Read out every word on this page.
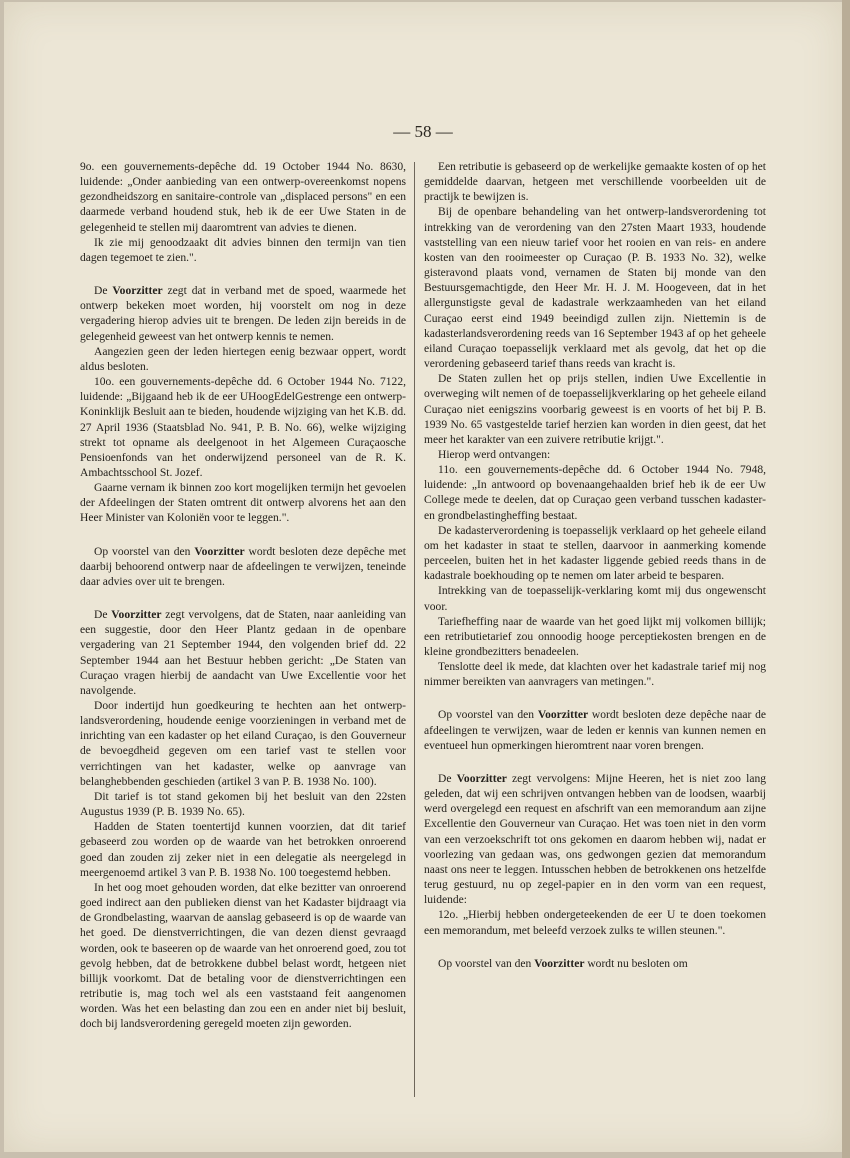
— 58 —

9o. een gouvernements-depêche dd. 19 October 1944 No. 8630, luidende: „Onder aanbieding van een ontwerp-overeenkomst nopens gezondheidszorg en sanitaire-controle van „displaced persons" en een daarmede verband houdend stuk, heb ik de eer Uwe Staten in de gelegenheid te stellen mij daaromtrent van advies te dienen.

Ik zie mij genoodzaakt dit advies binnen den termijn van tien dagen tegemoet te zien.".

De Voorzitter zegt dat in verband met de spoed, waarmede het ontwerp bekeken moet worden, hij voorstelt om nog in deze vergadering hierop advies uit te brengen. De leden zijn bereids in de gelegenheid geweest van het ontwerp kennis te nemen.

Aangezien geen der leden hiertegen eenig bezwaar oppert, wordt aldus besloten.

10o. een gouvernements-depêche dd. 6 October 1944 No. 7122, luidende: „Bijgaand heb ik de eer UHoogEdelGestrenge een ontwerp-Koninklijk Besluit aan te bieden, houdende wijziging van het K.B. dd. 27 April 1936 (Staatsblad No. 941, P. B. No. 66), welke wijziging strekt tot opname als deelgenoot in het Algemeen Curaçaosche Pensioenfonds van het onderwijzend personeel van de R. K. Ambachtsschool St. Jozef.

Gaarne vernam ik binnen zoo kort mogelijken termijn het gevoelen der Afdeelingen der Staten omtrent dit ontwerp alvorens het aan den Heer Minister van Koloniën voor te leggen.".

Op voorstel van den Voorzitter wordt besloten deze depêche met daarbij behoorend ontwerp naar de afdeelingen te verwijzen, teneinde daar advies over uit te brengen.

De Voorzitter zegt vervolgens, dat de Staten, naar aanleiding van een suggestie, door den Heer Plantz gedaan in de openbare vergadering van 21 September 1944, den volgenden brief dd. 22 September 1944 aan het Bestuur hebben gericht: „De Staten van Curaçao vragen hierbij de aandacht van Uwe Excellentie voor het navolgende.

Door indertijd hun goedkeuring te hechten aan het ontwerp-landsverordening, houdende eenige voorzieningen in verband met de inrichting van een kadaster op het eiland Curaçao, is den Gouverneur de bevoegdheid gegeven om een tarief vast te stellen voor verrichtingen van het kadaster, welke op aanvrage van belanghebbenden geschieden (artikel 3 van P. B. 1938 No. 100).

Dit tarief is tot stand gekomen bij het besluit van den 22sten Augustus 1939 (P. B. 1939 No. 65).

Hadden de Staten toentertijd kunnen voorzien, dat dit tarief gebaseerd zou worden op de waarde van het betrokken onroerend goed dan zouden zij zeker niet in een delegatie als neergelegd in meergenoemd artikel 3 van P. B. 1938 No. 100 toegestemd hebben.

In het oog moet gehouden worden, dat elke bezitter van onroerend goed indirect aan den publieken dienst van het Kadaster bijdraagt via de Grondbelasting, waarvan de aanslag gebaseerd is op de waarde van het goed. De dienstverrichtingen, die van dezen dienst gevraagd worden, ook te baseeren op de waarde van het onroerend goed, zou tot gevolg hebben, dat de betrokkene dubbel belast wordt, hetgeen niet billijk voorkomt. Dat de betaling voor de dienstverrichtingen een retributie is, mag toch wel als een vaststaand feit aangenomen worden. Was het een belasting dan zou een en ander niet bij besluit, doch bij landsverordening geregeld moeten zijn geworden.

Een retributie is gebaseerd op de werkelijke gemaakte kosten of op het gemiddelde daarvan, hetgeen met verschillende voorbeelden uit de practijk te bewijzen is.

Bij de openbare behandeling van het ontwerp-landsverordening tot intrekking van de verordening van den 27sten Maart 1933, houdende vaststelling van een nieuw tarief voor het rooien en van reis- en andere kosten van den rooimeester op Curaçao (P. B. 1933 No. 32), welke gisteravond plaats vond, vernamen de Staten bij monde van den Bestuursgemachtigde, den Heer Mr. H. J. M. Hoogeveen, dat in het allergunstigste geval de kadastrale werkzaamheden van het eiland Curaçao eerst eind 1949 beeindigd zullen zijn. Niettemin is de kadasterlandsverordening reeds van 16 September 1943 af op het geheele eiland Curaçao toepasselijk verklaard met als gevolg, dat het op die verordening gebaseerd tarief thans reeds van kracht is.

De Staten zullen het op prijs stellen, indien Uwe Excellentie in overweging wilt nemen of de toepasselijkverklaring op het geheele eiland Curaçao niet eenigszins voorbarig geweest is en voorts of het bij P. B. 1939 No. 65 vastgestelde tarief herzien kan worden in dien geest, dat het meer het karakter van een zuivere retributie krijgt.".

Hierop werd ontvangen:

11o. een gouvernements-depêche dd. 6 October 1944 No. 7948, luidende: „In antwoord op bovenaangehaalden brief heb ik de eer Uw College mede te deelen, dat op Curaçao geen verband tusschen kadaster- en grondbelastingheffing bestaat.

De kadasterverordening is toepasselijk verklaard op het geheele eiland om het kadaster in staat te stellen, daarvoor in aanmerking komende perceelen, buiten het in het kadaster liggende gebied reeds thans in de kadastrale boekhouding op te nemen om later arbeid te besparen.

Intrekking van de toepasselijk-verklaring komt mij dus ongewenscht voor.

Tariefheffing naar de waarde van het goed lijkt mij volkomen billijk; een retributietarief zou onnoodig hooge perceptiekosten brengen en de kleine grondbezitters benadeelen.

Tenslotte deel ik mede, dat klachten over het kadastrale tarief mij nog nimmer bereikten van aanvragers van metingen.".

Op voorstel van den Voorzitter wordt besloten deze depêche naar de afdeelingen te verwijzen, waar de leden er kennis van kunnen nemen en eventueel hun opmerkingen hieromtrent naar voren brengen.

De Voorzitter zegt vervolgens: Mijne Heeren, het is niet zoo lang geleden, dat wij een schrijven ontvangen hebben van de loodsen, waarbij werd overgelegd een request en afschrift van een memorandum aan zijne Excellentie den Gouverneur van Curaçao. Het was toen niet in den vorm van een verzoekschrift tot ons gekomen en daarom hebben wij, nadat er voorlezing van gedaan was, ons gedwongen gezien dat memorandum naast ons neer te leggen. Intusschen hebben de betrokkenen ons hetzelfde terug gestuurd, nu op zegel-papier en in den vorm van een request, luidende:

12o. „Hierbij hebben ondergeteekenden de eer U te doen toekomen een memorandum, met beleefd verzoek zulks te willen steunen.".

Op voorstel van den Voorzitter wordt nu besloten om
